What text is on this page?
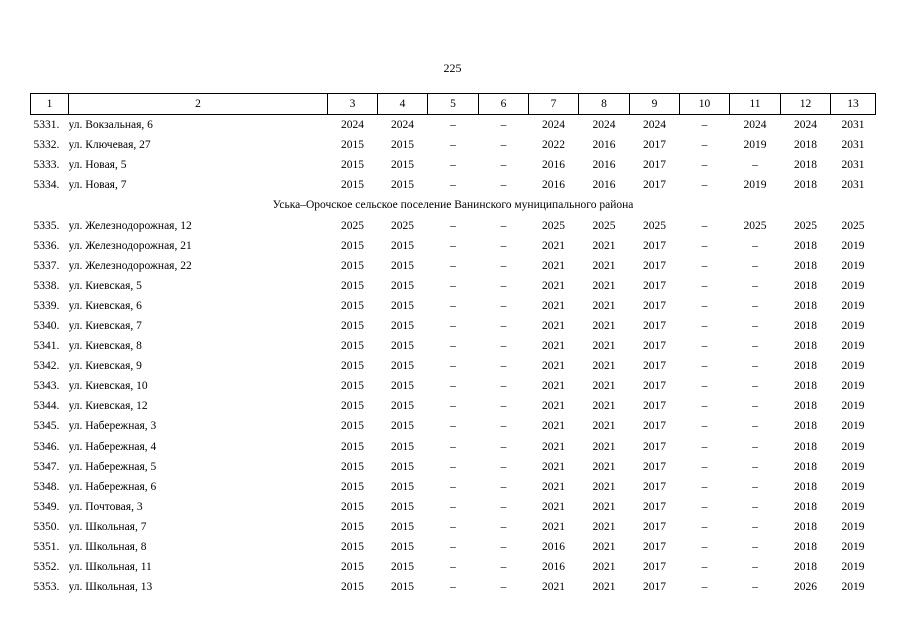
225
1	2	3	4	5	6	7	8	9	10	11	12	13
5331.	ул. Вокзальная, 6	2024	2024	–	–	2024	2024	2024	–	2024	2024	2031
5332.	ул. Ключевая, 27	2015	2015	–	–	2022	2016	2017	–	2019	2018	2031
5333.	ул. Новая, 5	2015	2015	–	–	2016	2016	2017	–	–	2018	2031
5334.	ул. Новая, 7	2015	2015	–	–	2016	2016	2017	–	2019	2018	2031
Уська–Орочское сельское поселение Ванинского муниципального района												
5335.	ул. Железнодорожная, 12	2025	2025	–	–	2025	2025	2025	–	2025	2025	2025
5336.	ул. Железнодорожная, 21	2015	2015	–	–	2021	2021	2017	–	–	2018	2019
5337.	ул. Железнодорожная, 22	2015	2015	–	–	2021	2021	2017	–	–	2018	2019
5338.	ул. Киевская, 5	2015	2015	–	–	2021	2021	2017	–	–	2018	2019
5339.	ул. Киевская, 6	2015	2015	–	–	2021	2021	2017	–	–	2018	2019
5340.	ул. Киевская, 7	2015	2015	–	–	2021	2021	2017	–	–	2018	2019
5341.	ул. Киевская, 8	2015	2015	–	–	2021	2021	2017	–	–	2018	2019
5342.	ул. Киевская, 9	2015	2015	–	–	2021	2021	2017	–	–	2018	2019
5343.	ул. Киевская, 10	2015	2015	–	–	2021	2021	2017	–	–	2018	2019
5344.	ул. Киевская, 12	2015	2015	–	–	2021	2021	2017	–	–	2018	2019
5345.	ул. Набережная, 3	2015	2015	–	–	2021	2021	2017	–	–	2018	2019
5346.	ул. Набережная, 4	2015	2015	–	–	2021	2021	2017	–	–	2018	2019
5347.	ул. Набережная, 5	2015	2015	–	–	2021	2021	2017	–	–	2018	2019
5348.	ул. Набережная, 6	2015	2015	–	–	2021	2021	2017	–	–	2018	2019
5349.	ул. Почтовая, 3	2015	2015	–	–	2021	2021	2017	–	–	2018	2019
5350.	ул. Школьная, 7	2015	2015	–	–	2021	2021	2017	–	–	2018	2019
5351.	ул. Школьная, 8	2015	2015	–	–	2016	2021	2017	–	–	2018	2019
5352.	ул. Школьная, 11	2015	2015	–	–	2016	2021	2017	–	–	2018	2019
5353.	ул. Школьная, 13	2015	2015	–	–	2021	2021	2017	–	–	2026	2019
